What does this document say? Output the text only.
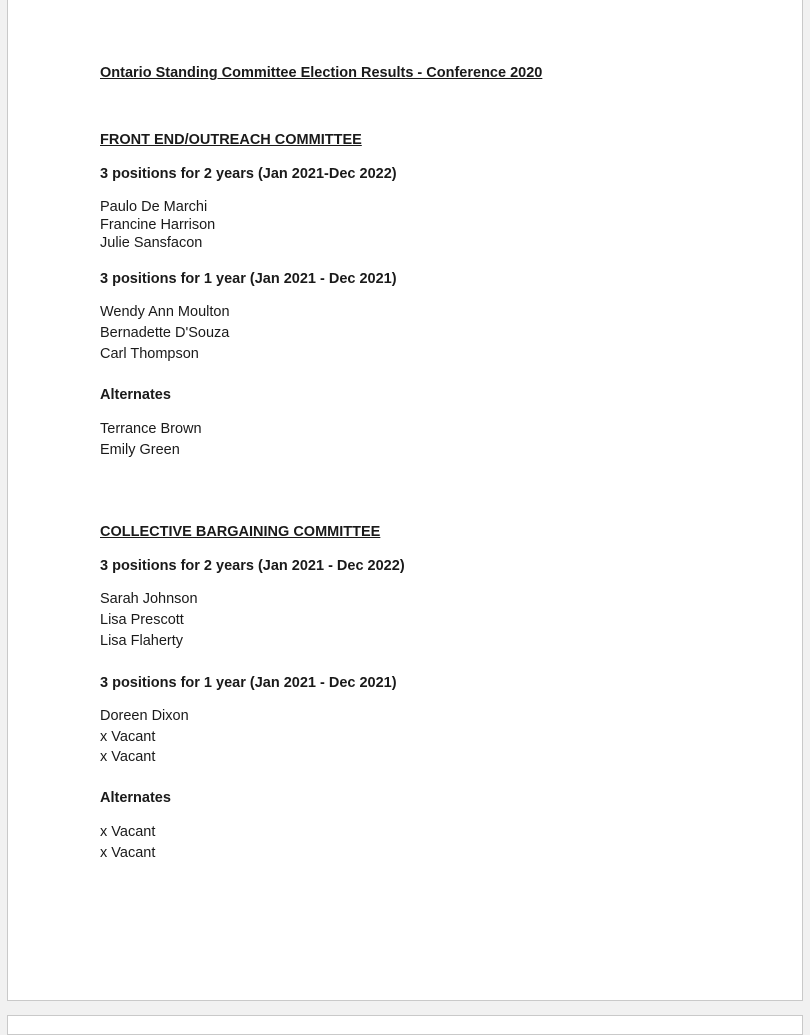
Ontario Standing Committee Election Results - Conference 2020
FRONT END/OUTREACH COMMITTEE
3 positions for 2 years (Jan 2021-Dec 2022)
Paulo De Marchi
Francine Harrison
Julie Sansfacon
3 positions for 1 year (Jan 2021 - Dec 2021)
Wendy Ann Moulton
Bernadette D'Souza
Carl Thompson
Alternates
Terrance Brown
Emily Green
COLLECTIVE BARGAINING COMMITTEE
3 positions for 2 years (Jan 2021 - Dec 2022)
Sarah Johnson
Lisa Prescott
Lisa Flaherty
3 positions for 1 year (Jan 2021 - Dec 2021)
Doreen Dixon
x Vacant
x Vacant
Alternates
x Vacant
x Vacant
